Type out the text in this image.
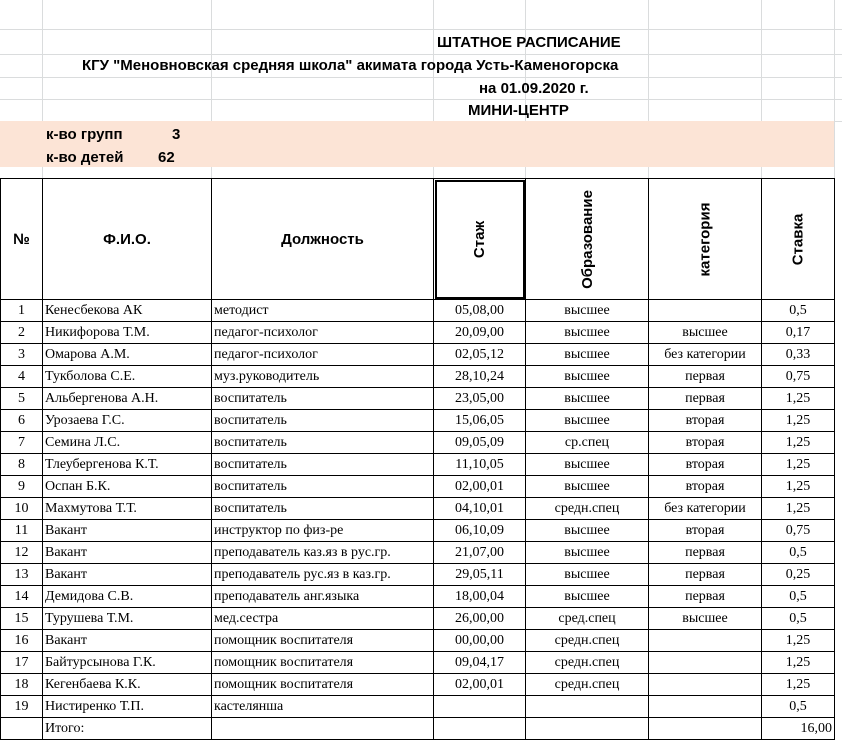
ШТАТНОЕ РАСПИСАНИЕ
КГУ "Меновновская средняя школа" акимата города Усть-Каменогорска
на 01.09.2020 г.
МИНИ-ЦЕНТР
к-во групп	3
к-во детей 62
№	Ф.И.О.	Должность	Стаж	Образование	категория	Ставка
1	Кенесбекова АК	методист	05,08,00	высшее		0,5
2	Никифорова Т.М.	педагог-психолог	20,09,00	высшее	высшее	0,17
3	Омарова А.М.	педагог-психолог	02,05,12	высшее	без категории	0,33
4	Тукболова С.Е.	муз.руководитель	28,10,24	высшее	первая	0,75
5	Альбергенова А.Н.	воспитатель	23,05,00	высшее	первая	1,25
6	Урозаева Г.С.	воспитатель	15,06,05	высшее	вторая	1,25
7	Семина Л.С.	воспитатель	09,05,09	ср.спец	вторая	1,25
8	Тлеубергенова К.Т.	воспитатель	11,10,05	высшее	вторая	1,25
9	Оспан Б.К.	воспитатель	02,00,01	высшее	вторая	1,25
10	Махмутова Т.Т.	воспитатель	04,10,01	средн.спец	без категории	1,25
11	Вакант	инструктор по физ-ре	06,10,09	высшее	вторая	0,75
12	Вакант	преподаватель каз.яз в рус.гр.	21,07,00	высшее	первая	0,5
13	Вакант	преподаватель рус.яз в каз.гр.	29,05,11	высшее	первая	0,25
14	Демидова С.В.	преподаватель анг.языка	18,00,04	высшее	первая	0,5
15	Турушева Т.М.	мед.сестра	26,00,00	сред.спец	высшее	0,5
16	Вакант	помощник воспитателя	00,00,00	средн.спец		1,25
17	Байтурсынова Г.К.	помощник воспитателя	09,04,17	средн.спец		1,25
18	Кегенбаева К.К.	помощник воспитателя	02,00,01	средн.спец		1,25
19	Нистиренко Т.П.	кастелянша				0,5
	Итого:					16,00
